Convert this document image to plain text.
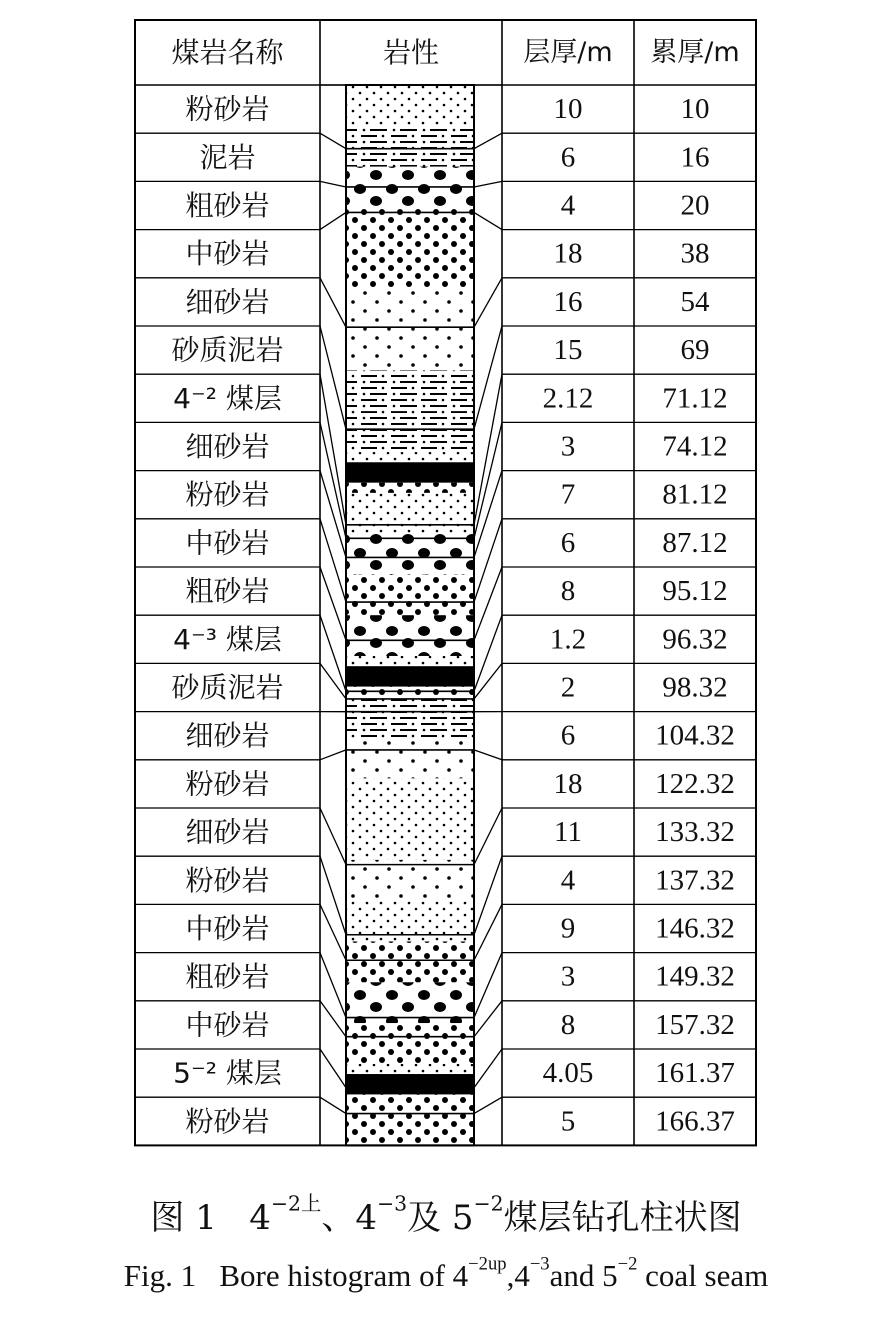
煤岩名称	岩性	层厚/m 累厚/m
粉砂岩	10	10
泥岩	6	16
粗砂岩	4	20
中砂岩	18	38
细砂岩	16	54
砂质泥岩	15	69
4⁻² 煤层	2.12 71.12
细砂岩	3	74.12
粉砂岩	7	81.12
中砂岩	6	87.12
粗砂岩	8	95.12
4⁻³ 煤层	1.2	96.32
砂质泥岩	2	98.32
细砂岩	6	104.32
粉砂岩	18	122.32
细砂岩	11	133.32
粉砂岩	4	137.32
中砂岩	9	146.32
粗砂岩	3	149.32
中砂岩	8	157.32
5⁻² 煤层	4.05 161.37
粉砂岩	5	166.37
图 1 $4^{-2上}$、$4^{-3}$及 $5^{-2}$煤层钻孔柱状图
Fig. 1 Bore histogram of $4^{-2up},4^{-3}and$ $5^{-2}$ coal seam
